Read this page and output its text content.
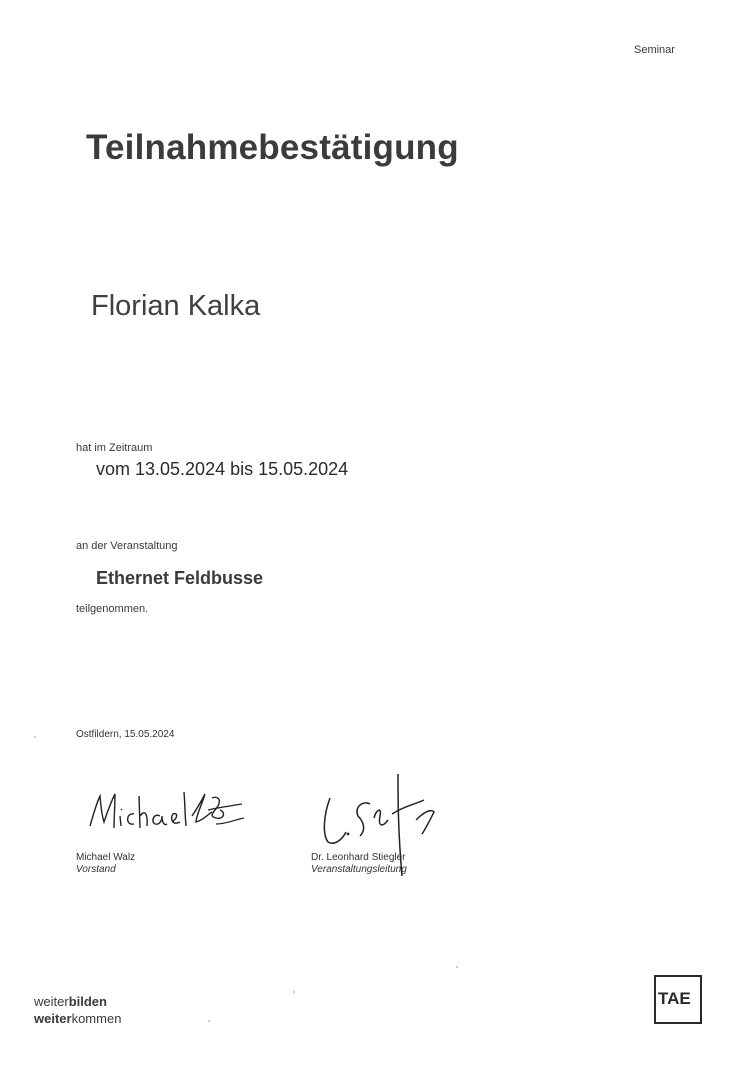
Seminar

Teilnahmebestätigung

Florian Kalka

hat im Zeitraum

vom 13.05.2024 bis 15.05.2024

an der Veranstaltung

Ethernet Feldbusse

teilgenommen.

Ostfildern, 15.05.2024

Michael Walz

Vorstand

Dr. Leonhard Stiegler

Veranstaltungsleitung

weiterbilden

weiterkommen

TAE
